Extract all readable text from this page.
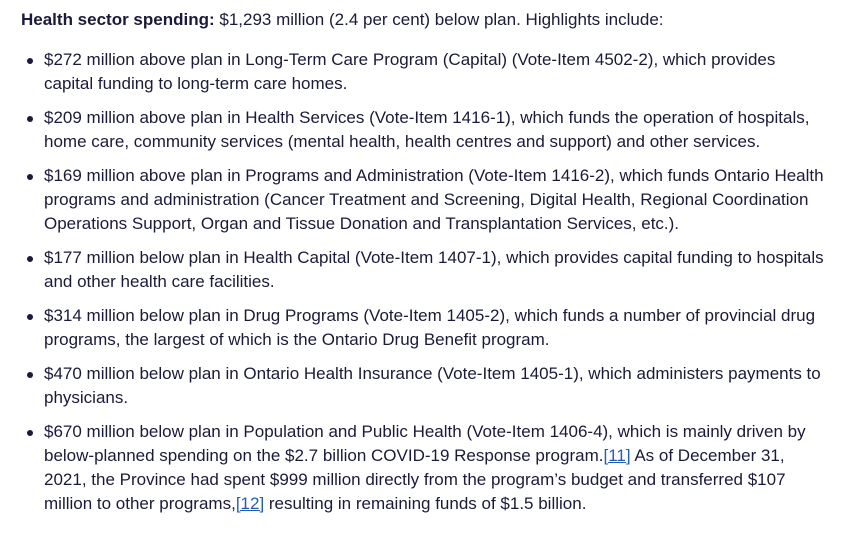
Health sector spending: $1,293 million (2.4 per cent) below plan. Highlights include:

$272 million above plan in Long-Term Care Program (Capital) (Vote-Item 4502-2), which provides capital funding to long-term care homes.
$209 million above plan in Health Services (Vote-Item 1416-1), which funds the operation of hospitals, home care, community services (mental health, health centres and support) and other services.
$169 million above plan in Programs and Administration (Vote-Item 1416-2), which funds Ontario Health programs and administration (Cancer Treatment and Screening, Digital Health, Regional Coordination Operations Support, Organ and Tissue Donation and Transplantation Services, etc.).
$177 million below plan in Health Capital (Vote-Item 1407-1), which provides capital funding to hospitals and other health care facilities.
$314 million below plan in Drug Programs (Vote-Item 1405-2), which funds a number of provincial drug programs, the largest of which is the Ontario Drug Benefit program.
$470 million below plan in Ontario Health Insurance (Vote-Item 1405-1), which administers payments to physicians.
$670 million below plan in Population and Public Health (Vote-Item 1406-4), which is mainly driven by below-planned spending on the $2.7 billion COVID-19 Response program.[11] As of December 31, 2021, the Province had spent $999 million directly from the program’s budget and transferred $107 million to other programs,[12] resulting in remaining funds of $1.5 billion.
